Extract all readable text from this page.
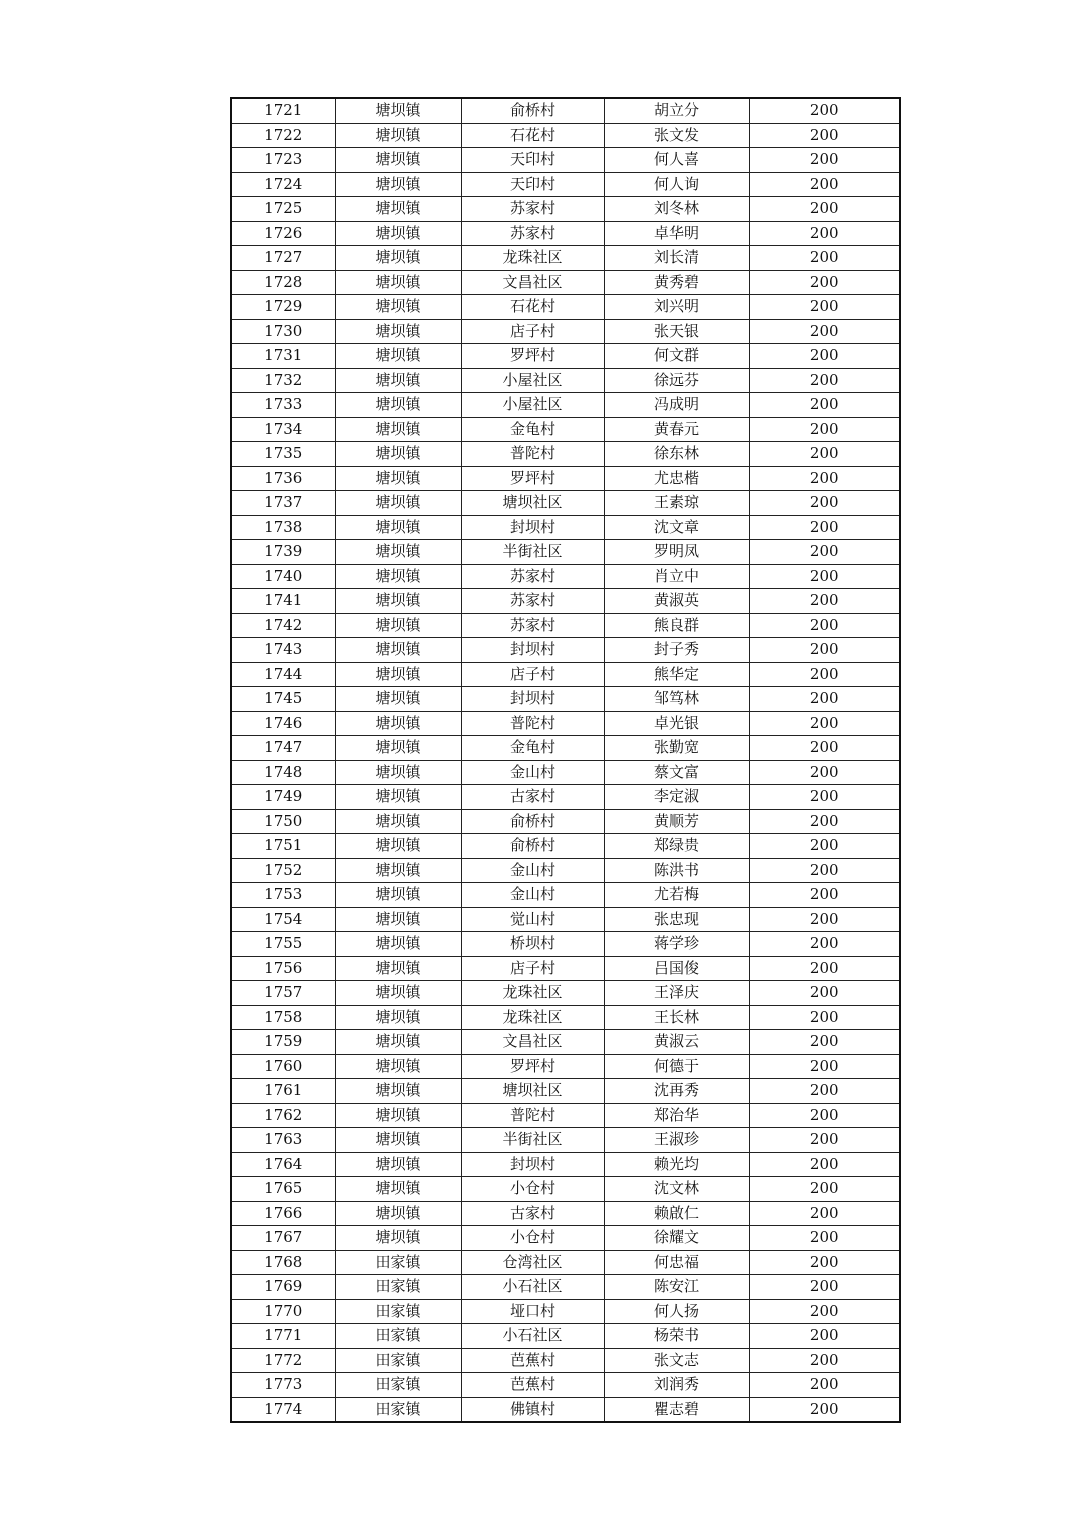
1721	塘坝镇	俞桥村	胡立分	200
1722	塘坝镇	石花村	张文发	200
1723	塘坝镇	天印村	何人喜	200
1724	塘坝镇	天印村	何人询	200
1725	塘坝镇	苏家村	刘冬林	200
1726	塘坝镇	苏家村	卓华明	200
1727	塘坝镇	龙珠社区	刘长清	200
1728	塘坝镇	文昌社区	黄秀碧	200
1729	塘坝镇	石花村	刘兴明	200
1730	塘坝镇	店子村	张天银	200
1731	塘坝镇	罗坪村	何文群	200
1732	塘坝镇	小屋社区	徐远芬	200
1733	塘坝镇	小屋社区	冯成明	200
1734	塘坝镇	金龟村	黄春元	200
1735	塘坝镇	普陀村	徐东林	200
1736	塘坝镇	罗坪村	尤忠楷	200
1737	塘坝镇	塘坝社区	王素琼	200
1738	塘坝镇	封坝村	沈文章	200
1739	塘坝镇	半街社区	罗明凤	200
1740	塘坝镇	苏家村	肖立中	200
1741	塘坝镇	苏家村	黄淑英	200
1742	塘坝镇	苏家村	熊良群	200
1743	塘坝镇	封坝村	封子秀	200
1744	塘坝镇	店子村	熊华定	200
1745	塘坝镇	封坝村	邹笃林	200
1746	塘坝镇	普陀村	卓光银	200
1747	塘坝镇	金龟村	张勤宽	200
1748	塘坝镇	金山村	蔡文富	200
1749	塘坝镇	古家村	李定淑	200
1750	塘坝镇	俞桥村	黄顺芳	200
1751	塘坝镇	俞桥村	郑绿贵	200
1752	塘坝镇	金山村	陈洪书	200
1753	塘坝镇	金山村	尤若梅	200
1754	塘坝镇	觉山村	张忠现	200
1755	塘坝镇	桥坝村	蒋学珍	200
1756	塘坝镇	店子村	吕国俊	200
1757	塘坝镇	龙珠社区	王泽庆	200
1758	塘坝镇	龙珠社区	王长林	200
1759	塘坝镇	文昌社区	黄淑云	200
1760	塘坝镇	罗坪村	何德于	200
1761	塘坝镇	塘坝社区	沈再秀	200
1762	塘坝镇	普陀村	郑治华	200
1763	塘坝镇	半街社区	王淑珍	200
1764	塘坝镇	封坝村	赖光均	200
1765	塘坝镇	小仓村	沈文林	200
1766	塘坝镇	古家村	赖啟仁	200
1767	塘坝镇	小仓村	徐耀文	200
1768	田家镇	仓湾社区	何忠福	200
1769	田家镇	小石社区	陈安江	200
1770	田家镇	垭口村	何人扬	200
1771	田家镇	小石社区	杨荣书	200
1772	田家镇	芭蕉村	张文志	200
1773	田家镇	芭蕉村	刘润秀	200
1774	田家镇	佛镇村	瞿志碧	200
